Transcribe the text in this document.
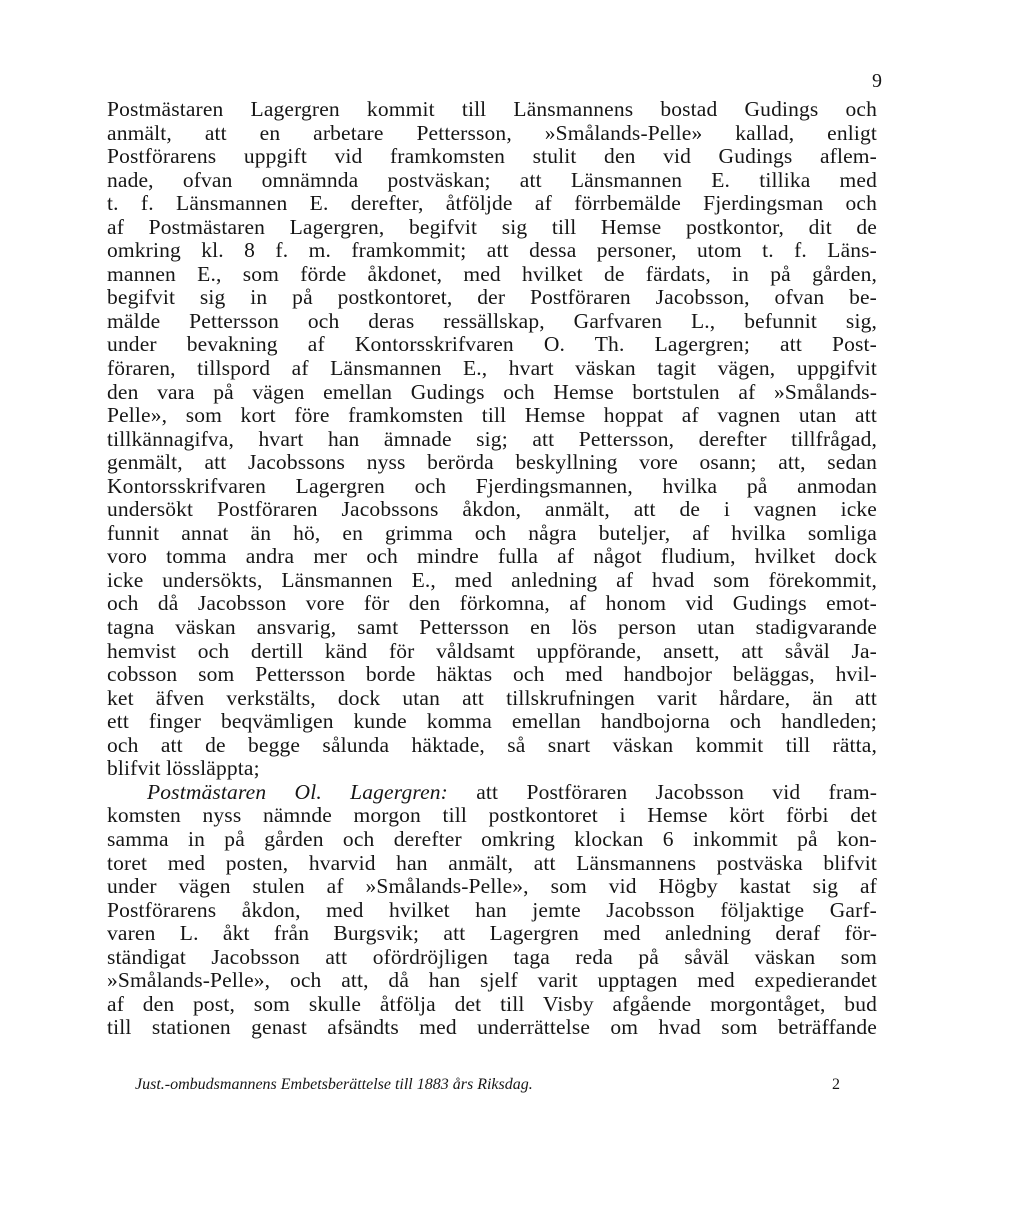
9
Postmästaren Lagergren kommit till Länsmannens bostad Gudings och
anmält, att en arbetare Pettersson, »Smålands-Pelle» kallad, enligt
Postförarens uppgift vid framkomsten stulit den vid Gudings aflem-
nade, ofvan omnämnda postväskan; att Länsmannen E. tillika med
t. f. Länsmannen E. derefter, åtföljde af förrbemälde Fjerdingsman och
af Postmästaren Lagergren, begifvit sig till Hemse postkontor, dit de
omkring kl. 8 f. m. framkommit; att dessa personer, utom t. f. Läns-
mannen E., som förde åkdonet, med hvilket de färdats, in på gården,
begifvit sig in på postkontoret, der Postföraren Jacobsson, ofvan be-
mälde Pettersson och deras ressällskap, Garfvaren L., befunnit sig,
under bevakning af Kontorsskrifvaren O. Th. Lagergren; att Post-
föraren, tillspord af Länsmannen E., hvart väskan tagit vägen, uppgifvit
den vara på vägen emellan Gudings och Hemse bortstulen af »Smålands-
Pelle», som kort före framkomsten till Hemse hoppat af vagnen utan att
tillkännagifva, hvart han ämnade sig; att Pettersson, derefter tillfrågad,
genmält, att Jacobssons nyss berörda beskyllning vore osann; att, sedan
Kontorsskrifvaren Lagergren och Fjerdingsmannen, hvilka på anmodan
undersökt Postföraren Jacobssons åkdon, anmält, att de i vagnen icke
funnit annat än hö, en grimma och några buteljer, af hvilka somliga
voro tomma andra mer och mindre fulla af något fludium, hvilket dock
icke undersökts, Länsmannen E., med anledning af hvad som förekommit,
och då Jacobsson vore för den förkomna, af honom vid Gudings emot-
tagna väskan ansvarig, samt Pettersson en lös person utan stadigvarande
hemvist och dertill känd för våldsamt uppförande, ansett, att såväl Ja-
cobsson som Pettersson borde häktas och med handbojor beläggas, hvil-
ket äfven verkstälts, dock utan att tillskrufningen varit hårdare, än att
ett finger beqvämligen kunde komma emellan handbojorna och handleden;
och att de begge sålunda häktade, så snart väskan kommit till rätta,
blifvit lössläppta;
Postmästaren Ol. Lagergren: att Postföraren Jacobsson vid fram-
komsten nyss nämnde morgon till postkontoret i Hemse kört förbi det
samma in på gården och derefter omkring klockan 6 inkommit på kon-
toret med posten, hvarvid han anmält, att Länsmannens postväska blifvit
under vägen stulen af »Smålands-Pelle», som vid Högby kastat sig af
Postförarens åkdon, med hvilket han jemte Jacobsson följaktige Garf-
varen L. åkt från Burgsvik; att Lagergren med anledning deraf för-
ständigat Jacobsson att ofördröjligen taga reda på såväl väskan som
»Smålands-Pelle», och att, då han sjelf varit upptagen med expedierandet
af den post, som skulle åtfölja det till Visby afgående morgontåget, bud
till stationen genast afsändts med underrättelse om hvad som beträffande
Just.-ombudsmannens Embetsberättelse till 1883 års Riksdag.	2
